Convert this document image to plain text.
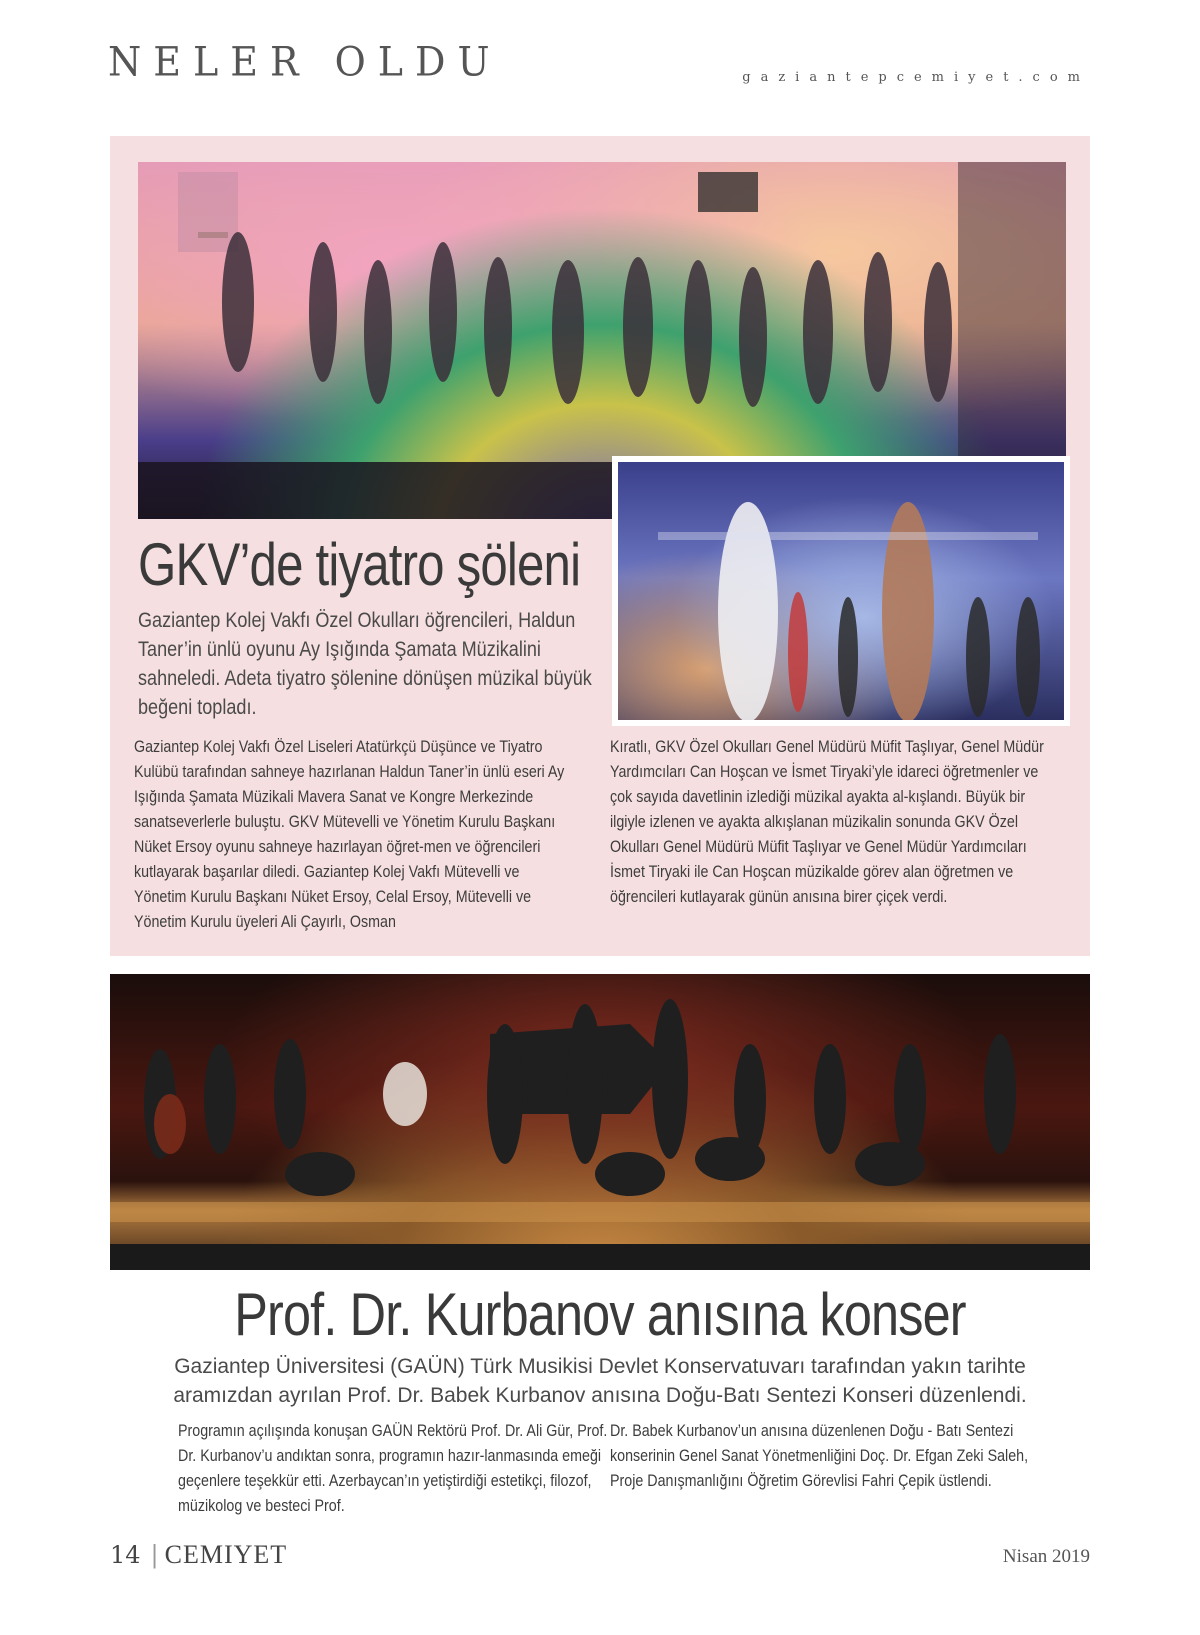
NELER OLDU	gaziantepcemiyet.com
GKV’de tiyatro şöleni

Gaziantep Kolej Vakfı Özel Okulları öğrencileri, Haldun Taner’in ünlü oyunu Ay Işığında Şamata Müzikalini sahneledi. Adeta tiyatro şölenine dönüşen müzikal büyük beğeni topladı.

Gaziantep Kolej Vakfı Özel Liseleri Atatürkçü Düşünce ve Tiyatro Kulübü tarafından sahneye hazırlanan Haldun Taner’in ünlü eseri Ay Işığında Şamata Müzikali Mavera Sanat ve Kongre Merkezinde sanatseverlerle buluştu. GKV Mütevelli ve Yönetim Kurulu Başkanı Nüket Ersoy oyunu sahneye hazırlayan öğret-men ve öğrencileri kutlayarak başarılar diledi. Gaziantep Kolej Vakfı Mütevelli ve Yönetim Kurulu Başkanı Nüket Ersoy, Celal Ersoy, Mütevelli ve Yönetim Kurulu üyeleri Ali Çayırlı, Osman

Kıratlı, GKV Özel Okulları Genel Müdürü Müfit Taşlıyar, Genel Müdür Yardımcıları Can Hoşcan ve İsmet Tiryaki’yle idareci öğretmenler ve çok sayıda davetlinin izlediği müzikal ayakta al-kışlandı. Büyük bir ilgiyle izlenen ve ayakta alkışlanan müzikalin sonunda GKV Özel Okulları Genel Müdürü Müfit Taşlıyar ve Genel Müdür Yardımcıları İsmet Tiryaki ile Can Hoşcan müzikalde görev alan öğretmen ve öğrencileri kutlayarak günün anısına birer çiçek verdi.

Prof. Dr. Kurbanov anısına konser

Gaziantep Üniversitesi (GAÜN) Türk Musikisi Devlet Konservatuvarı tarafından yakın tarihte aramızdan ayrılan Prof. Dr. Babek Kurbanov anısına Doğu-Batı Sentezi Konseri düzenlendi.

Programın açılışında konuşan GAÜN Rektörü Prof. Dr. Ali Gür, Prof. Dr. Kurbanov’u andıktan sonra, programın hazır-lanmasında emeği geçenlere teşekkür etti. Azerbaycan’ın yetiştirdiği estetikçi, filozof, müzikolog ve besteci Prof.

Dr. Babek Kurbanov’un anısına düzenlenen Doğu - Batı Sentezi konserinin Genel Sanat Yönetmenliğini Doç. Dr. Efgan Zeki Saleh, Proje Danışmanlığını Öğretim Görevlisi Fahri Çepik üstlendi.

14 | CEMIYET	Nisan 2019
